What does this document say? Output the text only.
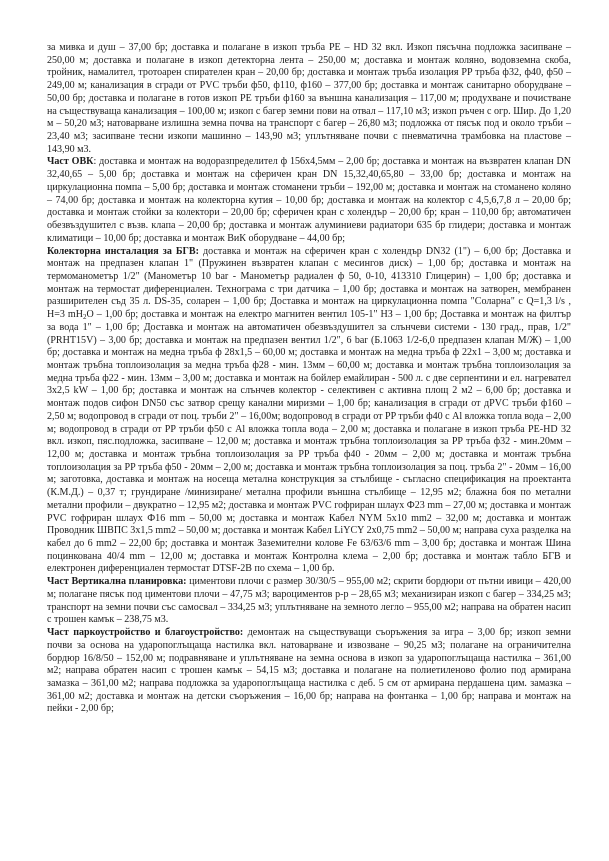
за мивка и душ – 37,00 бр; доставка и полагане в изкоп тръба PE – HD 32 вкл. Изкоп пясъчна подложка засипване – 250,00 м; доставка и полагане в изкоп детекторна лента – 250,00 м; доставка и монтаж коляно, водовземна скоба, тройник, намалител, тротоарен спирателен кран – 20,00 бр; доставка и монтаж тръба изолация PP тръба ф32, ф40, ф50 – 249,00 м; канализация в сгради от PVC тръби ф50, ф110, ф160 – 377,00 бр; доставка и монтаж санитарно оборудване – 50,00 бр; доставка и полагане в готов изкоп PE тръби ф160 за външна канализация – 117,00 м; продухване и почистване на съществуваща канализация – 100,00 м; изкоп с багер земни пови на отвал – 117,10 м3; изкоп ръчен с огр. Шир. До 1,20 м – 50,20 м3; натоварване излишна земна почва на транспорт с багер – 26,80 м3; подложка от пясък под и около тръби – 23,40 м3; засипване тесни изкопи машинно – 143,90 м3; уплътняване почви с пневматична трамбовка на пластове – 143,90 м3.

Част ОВК: доставка и монтаж на водоразпределител ф 156х4,5мм – 2,00 бр; доставка и монтаж на възвратен клапан DN 32,40,65 – 5,00 бр; доставка и монтаж на сферичен кран DN 15,32,40,65,80 – 33,00 бр; доставка и монтаж на циркулационна помпа – 5,00 бр; доставка и монтаж стоманени тръби – 192,00 м; доставка и монтаж на стоманено коляно – 74,00 бр; доставка и монтаж на колекторна кутия – 10,00 бр; доставка и монтаж на колектор с 4,5,6,7,8 л – 20,00 бр; доставка и монтаж стойки за колектори – 20,00 бр; сферичен кран с холендър – 20,00 бр; кран – 110,00 бр; автоматичен обезвъздушител с възв. клапа – 20,00 бр; доставка и монтаж алуминиеви радиатори 635 бр глидери; доставка и монтаж климатици – 10,00 бр; доставка и монтаж ВиК оборудване – 44,00 бр;

Колекторна инсталация за БГВ: доставка и монтаж на сферичен кран с холендър DN32 (1") – 6,00 бр; Доставка и монтаж на предпазен клапан 1" (Пружинен възвратен клапан с месингов диск) – 1,00 бр; доставка и монтаж на термоманометър 1/2" (Манометър 10 bar - Манометър радиален ф 50, 0-10, 413310 Глицерин) – 1,00 бр; доставка и монтаж на термостат диференциален. Технограма с три датчика – 1,00 бр; доставка и монтаж на затворен, мембранен разширителен съд 35 л. DS-35, соларен – 1,00 бр; Доставка и монтаж на циркулационна помпа "Соларна" с Q=1,3 l/s , H=3 $mH_2O - 1,00$ бр; доставка и монтаж на електро магнитен вентил 105-1" НЗ – 1,00 бр; Доставка и монтаж на филтър за вода 1" – 1,00 бр; Доставка и монтаж на автоматичен обезвъздушител за слънчеви системи - 130 град., прав, 1/2" (PRHT15V) – 3,00 бр; доставка и монтаж на предпазен вентил 1/2", 6 bar (Б.1063 1/2-6,0 предпазен клапан М/Ж) – 1,00 бр; доставка и монтаж на медна тръба ф 28х1,5 – 60,00 м; доставка и монтаж на медна тръба ф 22х1 – 3,00 м; доставка и монтаж тръбна топлоизолация за медна тръба ф28 - мин. 13мм – 60,00 м; доставка и монтаж тръбна топлоизолация за медна тръба ф22 - мин. 13мм – 3,00 м; доставка и монтаж на бойлер емайлиран - 500 л. с две серпентини и ел. нагревател 3х2,5 kW – 1,00 бр; доставка и монтаж на слънчев колектор - селективен с активна площ 2 м2 – 6,00 бр; доставка и монтаж подов сифон DN50 със затвор срещу канални миризми – 1,00 бр; канализация в сгради от дPVC тръби ф160 – 2,50 м; водопровод в сгради от поц. тръби 2" – 16,00м; водопровод в сгради от PP тръби ф40 с Al вложка топла вода – 2,00 м; водопровод в сгради от PP тръби ф50 с Al вложка топла вода – 2,00 м; доставка и полагане в изкоп тръба PE-HD 32 вкл. изкоп, пяс.подложка, засипване – 12,00 м; доставка и монтаж тръбна топлоизолация за PP тръба ф32 - мин.20мм – 12,00 м; доставка и монтаж тръбна топлоизолация за PP тръба ф40 - 20мм – 2,00 м; доставка и монтаж тръбна топлоизолация за PP тръба ф50 - 20мм – 2,00 м; доставка и монтаж тръбна топлоизолация за поц. тръба 2" - 20мм – 16,00 м; заготовка, доставка и монтаж на носеща метална конструкция за стълбище - съгласно спецификация на проектанта (К.М.Д.) – 0,37 т; грундиране /минизиране/ метална профили външна стълбище – 12,95 м2; блажна боя по метални метални профили – двукратно – 12,95 м2; доставка и монтаж PVC гофриран шлаух Ф23 mm – 27,00 м; доставка и монтаж PVC гофриран шлаух Ф16 mm – 50,00 м; доставка и монтаж Кабел NYM 5х10 mm2 – 32,00 м; доставка и монтаж Проводник ШВПС 3х1,5 mm2 – 50,00 м; доставка и монтаж Кабел LiYCY 2х0,75 mm2 – 50,00 м; направа суха разделка на кабел до 6 mm2 – 22,00 бр; доставка и монтаж Заземителни колове Fe 63/63/6 mm – 3,00 бр; доставка и монтаж Шина поцинкована 40/4 mm – 12,00 м; доставка и монтаж Контролна клема – 2,00 бр; доставка и монтаж табло БГВ и електронен диференциален термостат DTSF-2B по схема – 1,00 бр.

Част Вертикална планировка: циментови плочи с размер 30/30/5 – 955,00 м2; скрити бордюри от пътни ивици – 420,00 м; полагане пясък под циментови плочи – 47,75 м3; вароциментов р-р – 28,65 м3; механизиран изкоп с багер – 334,25 м3; транспорт на земни почви със самосвал – 334,25 м3; уплътняване на земното легло – 955,00 м2; направа на обратен насип с трошен камък – 238,75 м3.

Част паркоустройство и благоустройство: демонтаж на съществуващи съоръжения за игра – 3,00 бр; изкоп земни почви за основа на ударопоглъщаща настилка вкл. натоварване и извозване – 90,25 м3; полагане на ограничителна бордюр 16/8/50 – 152,00 м; подравняване и уплътняване на земна основа в изкоп за ударопоглъщаща настилка – 361,00 м2; направа обратен насип с трошен камък – 54,15 м3; доставка и полагане на полиетиленово фолио под армирана замазка – 361,00 м2; направа подложка за ударопоглъщаща настилка с деб. 5 см от армирана пердашена цим. замазка – 361,00 м2; доставка и монтаж на детски съоръжения – 16,00 бр; направа на фонтанка – 1,00 бр; направа и монтаж на пейки - 2,00 бр;
